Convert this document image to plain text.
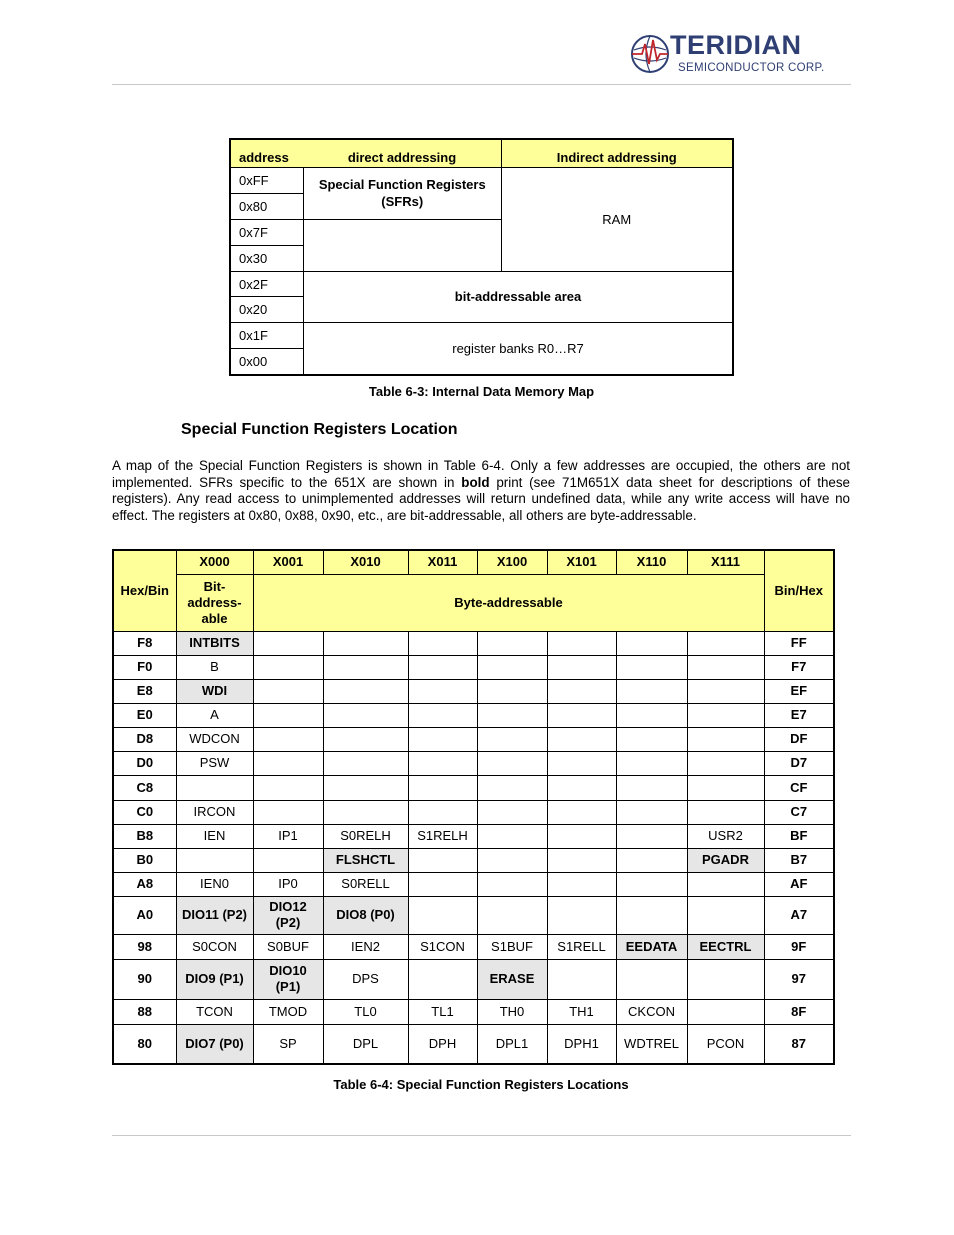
TERIDIAN
SEMICONDUCTOR CORP.
address	direct addressing	Indirect addressing
0xFF	Special Function Registers (SFRs)	RAM
0x80		
0x7F		
0x30		
0x2F	bit-addressable area	
0x20		
0x1F	register banks R0…R7	
0x00		
Table 6-3: Internal Data Memory Map
Special Function Registers Location
A map of the Special Function Registers is shown in Table 6-4. Only a few addresses are occupied, the others are not implemented. SFRs specific to the 651X are shown in bold print (see 71M651X data sheet for descriptions of these registers). Any read access to unimplemented addresses will return undefined data, while any write access will have no effect. The registers at 0x80, 0x88, 0x90, etc., are bit-addressable, all others are byte-addressable.
Hex/Bin	X000	X001	X010	X011	X100	X101	X110	X111	Bin/Hex
	Bit-address-able	Byte-addressable							
F8	INTBITS								FF
F0	B								F7
E8	WDI								EF
E0	A								E7
D8	WDCON								DF
D0	PSW								D7
C8									CF
C0	IRCON								C7
B8	IEN	IP1	S0RELH	S1RELH				USR2	BF
B0			FLSHCTL					PGADR	B7
A8	IEN0	IP0	S0RELL						AF
A0	DIO11 (P2)	DIO12 (P2)	DIO8 (P0)						A7
98	S0CON	S0BUF	IEN2	S1CON	S1BUF	S1RELL	EEDATA	EECTRL	9F
90	DIO9 (P1)	DIO10 (P1)	DPS		ERASE				97
88	TCON	TMOD	TL0	TL1	TH0	TH1	CKCON		8F
80	DIO7 (P0)	SP	DPL	DPH	DPL1	DPH1	WDTREL	PCON	87
Table 6-4: Special Function Registers Locations
